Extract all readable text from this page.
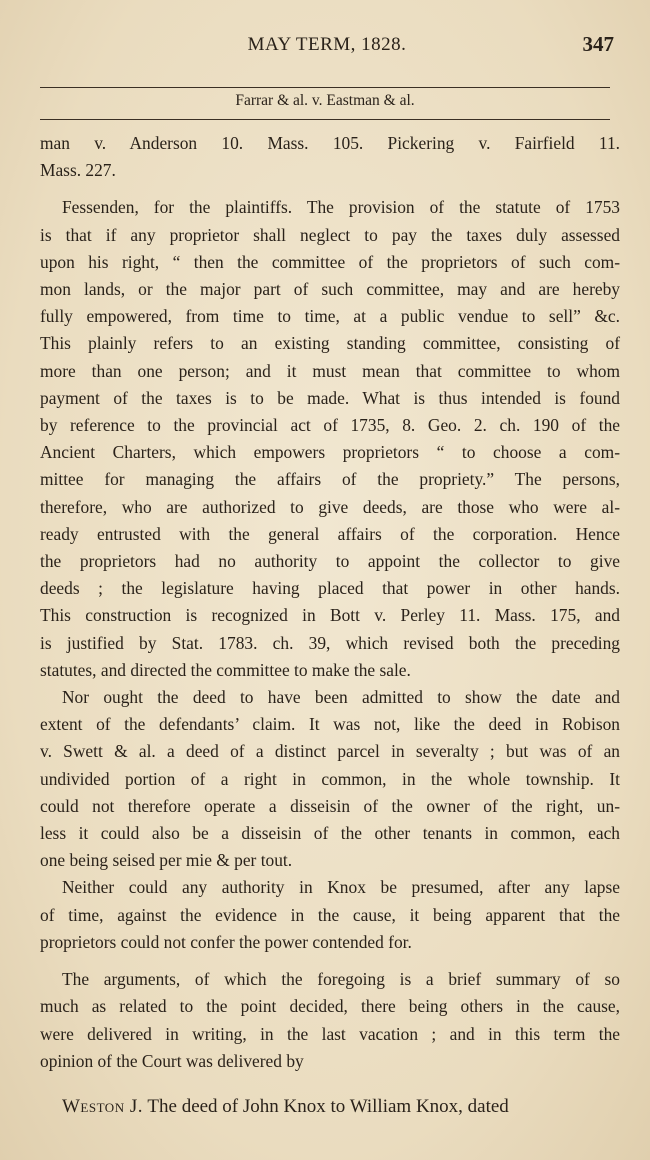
MAY TERM, 1828.	347
Farrar & al. v. Eastman & al.
man v. Anderson 10. Mass. 105. Pickering v. Fairfield 11.
Mass. 227.
Fessenden, for the plaintiffs. The provision of the statute of 1753
is that if any proprietor shall neglect to pay the taxes duly assessed
upon his right, “ then the committee of the proprietors of such com-
mon lands, or the major part of such committee, may and are hereby
fully empowered, from time to time, at a public vendue to sell” &c.
This plainly refers to an existing standing committee, consisting of
more than one person; and it must mean that committee to whom
payment of the taxes is to be made. What is thus intended is found
by reference to the provincial act of 1735, 8. Geo. 2. ch. 190 of the
Ancient Charters, which empowers proprietors “ to choose a com-
mittee for managing the affairs of the propriety.” The persons,
therefore, who are authorized to give deeds, are those who were al-
ready entrusted with the general affairs of the corporation. Hence
the proprietors had no authority to appoint the collector to give
deeds ; the legislature having placed that power in other hands.
This construction is recognized in Bott v. Perley 11. Mass. 175, and
is justified by Stat. 1783. ch. 39, which revised both the preceding
statutes, and directed the committee to make the sale.
Nor ought the deed to have been admitted to show the date and
extent of the defendants’ claim. It was not, like the deed in Robison
v. Swett & al. a deed of a distinct parcel in severalty ; but was of an
undivided portion of a right in common, in the whole township. It
could not therefore operate a disseisin of the owner of the right, un-
less it could also be a disseisin of the other tenants in common, each
one being seised per mie & per tout.
Neither could any authority in Knox be presumed, after any lapse
of time, against the evidence in the cause, it being apparent that the
proprietors could not confer the power contended for.
The arguments, of which the foregoing is a brief summary of so
much as related to the point decided, there being others in the cause,
were delivered in writing, in the last vacation ; and in this term the
opinion of the Court was delivered by
Weston J. The deed of John Knox to William Knox, dated
